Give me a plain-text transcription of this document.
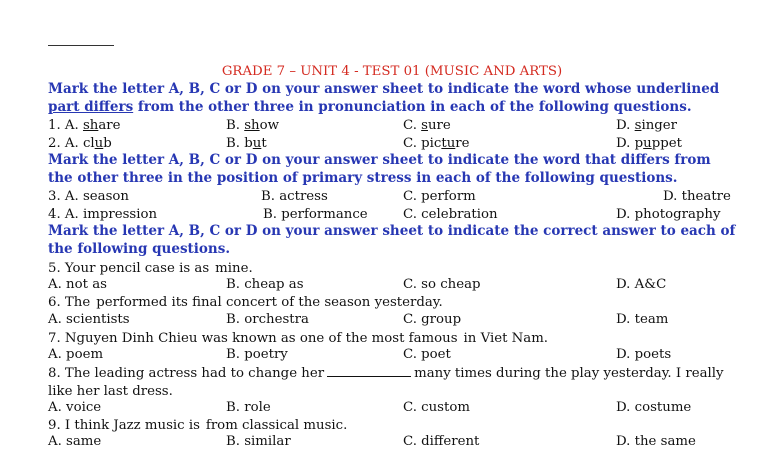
GRADE 7 – UNIT 4 - TEST 01 (MUSIC AND ARTS)
Mark the letter A, B, C or D on your answer sheet to indicate the word whose underlined
part differs from the other three in pronunciation in each of the following questions.
1. A. share	B. show	C. sure	D. singer
2. A. club	B. but	C. picture	D. puppet

Mark the letter A, B, C or D on your answer sheet to indicate the word that differs from the other three in the position of primary stress in each of the following questions.

3. A. season	B. actress	C. perform	D. theatre
4. A. impression	B. performance	C. celebration	D. photography

Mark the letter A, B, C or D on your answer sheet to indicate the correct answer to each of the following questions.

5. Your pencil case is as mine.
A. not as	B. cheap as	C. so cheap	D. A&C
6. The performed its final concert of the season yesterday.
A. scientists	B. orchestra	C. group	D. team
7. Nguyen Dinh Chieu was known as one of the most famous in Viet Nam.
A. poem	B. poetry	C. poet	D. poets

8. The leading actress had to change her	many times during the play yesterday. I really like her last dress.

A. voice	B. role	C. custom	D. costume
9. I think Jazz music is from classical music.
A. same	B. similar	C. different	D. the same
